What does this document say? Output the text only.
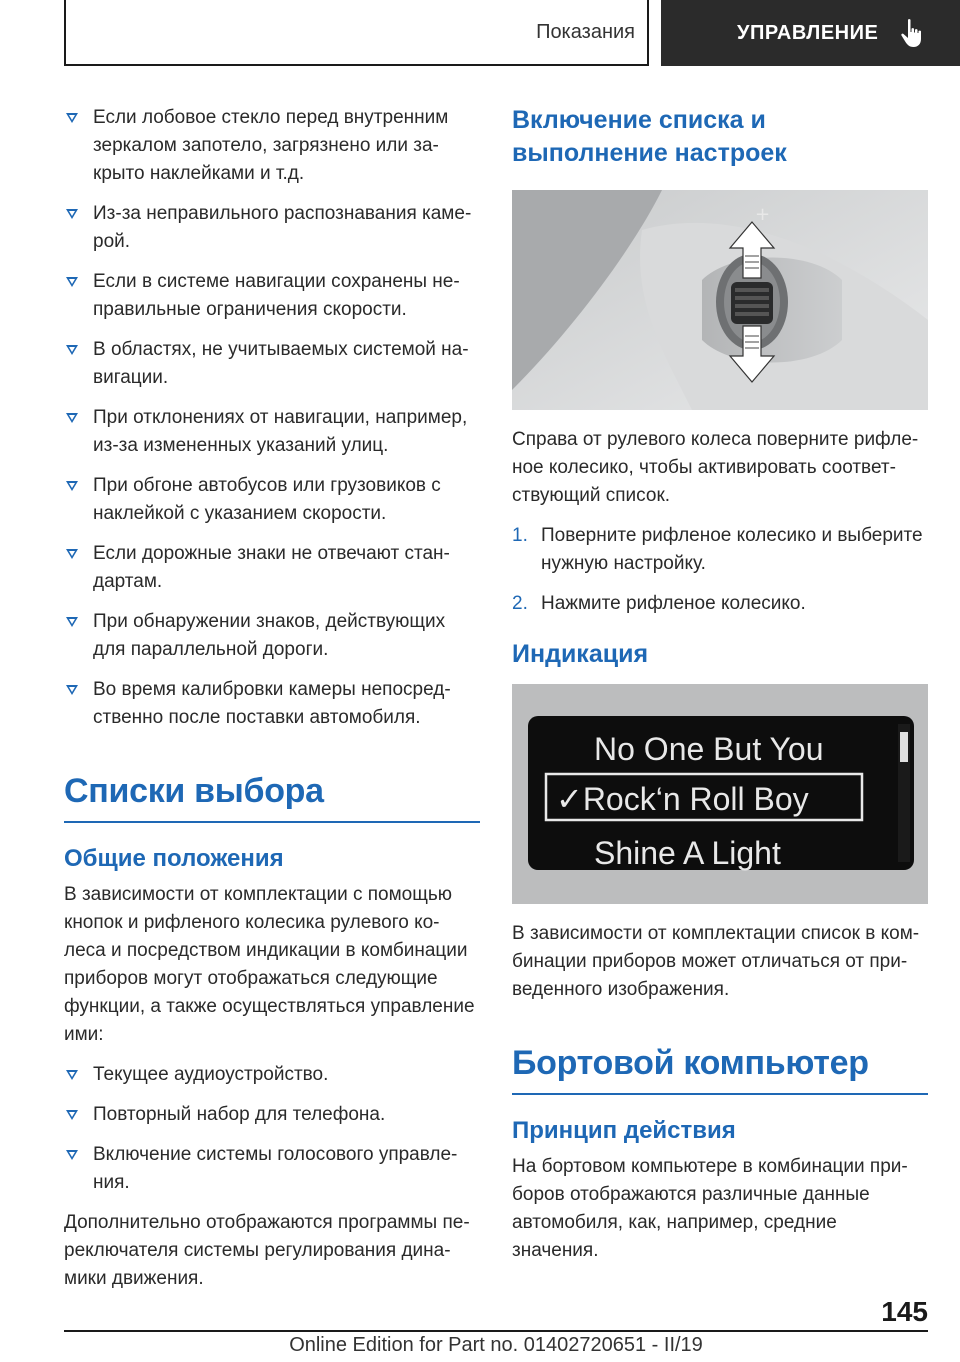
Показания	УПРАВЛЕНИЕ
Если лобовое стекло перед внутренним зеркалом запотело, загрязнено или за-крыто наклейками и т.д.
Из-за неправильного распознавания каме-рой.
Если в системе навигации сохранены не-правильные ограничения скорости.
В областях, не учитываемых системой на-вигации.
При отклонениях от навигации, например, из-за измененных указаний улиц.
При обгоне автобусов или грузовиков с наклейкой с указанием скорости.
Если дорожные знаки не отвечают стан-дартам.
При обнаружении знаков, действующих для параллельной дороги.
Во время калибровки камеры непосред-ственно после поставки автомобиля.
Списки выбора
Общие положения

В зависимости от комплектации с помощью кнопок и рифленого колесика рулевого ко-леса и посредством индикации в комбинации приборов могут отображаться следующие функции, а также осуществляться управление ими:

Текущее аудиоустройство.
Повторный набор для телефона.
Включение системы голосового управле-ния.

Дополнительно отображаются программы пе-реключателя системы регулирования дина-мики движения.

Включение списка и выполнение настроек
+

Справа от рулевого колеса поверните рифле-ное колесико, чтобы активировать соответ-ствующий список.

1. Поверните рифленое колесико и выберите нужную настройку.
2. Нажмите рифленое колесико.
Индикация
No One But You
✓Rock‘n Roll Boy
Shine A Light

В зависимости от комплектации список в ком-бинации приборов может отличаться от при-веденного изображения.

Бортовой компьютер
Принцип действия

На бортовом компьютере в комбинации при-боров отображаются различные данные автомобиля, как, например, средние значения.

145
Online Edition for Part no. 01402720651 - II/19
